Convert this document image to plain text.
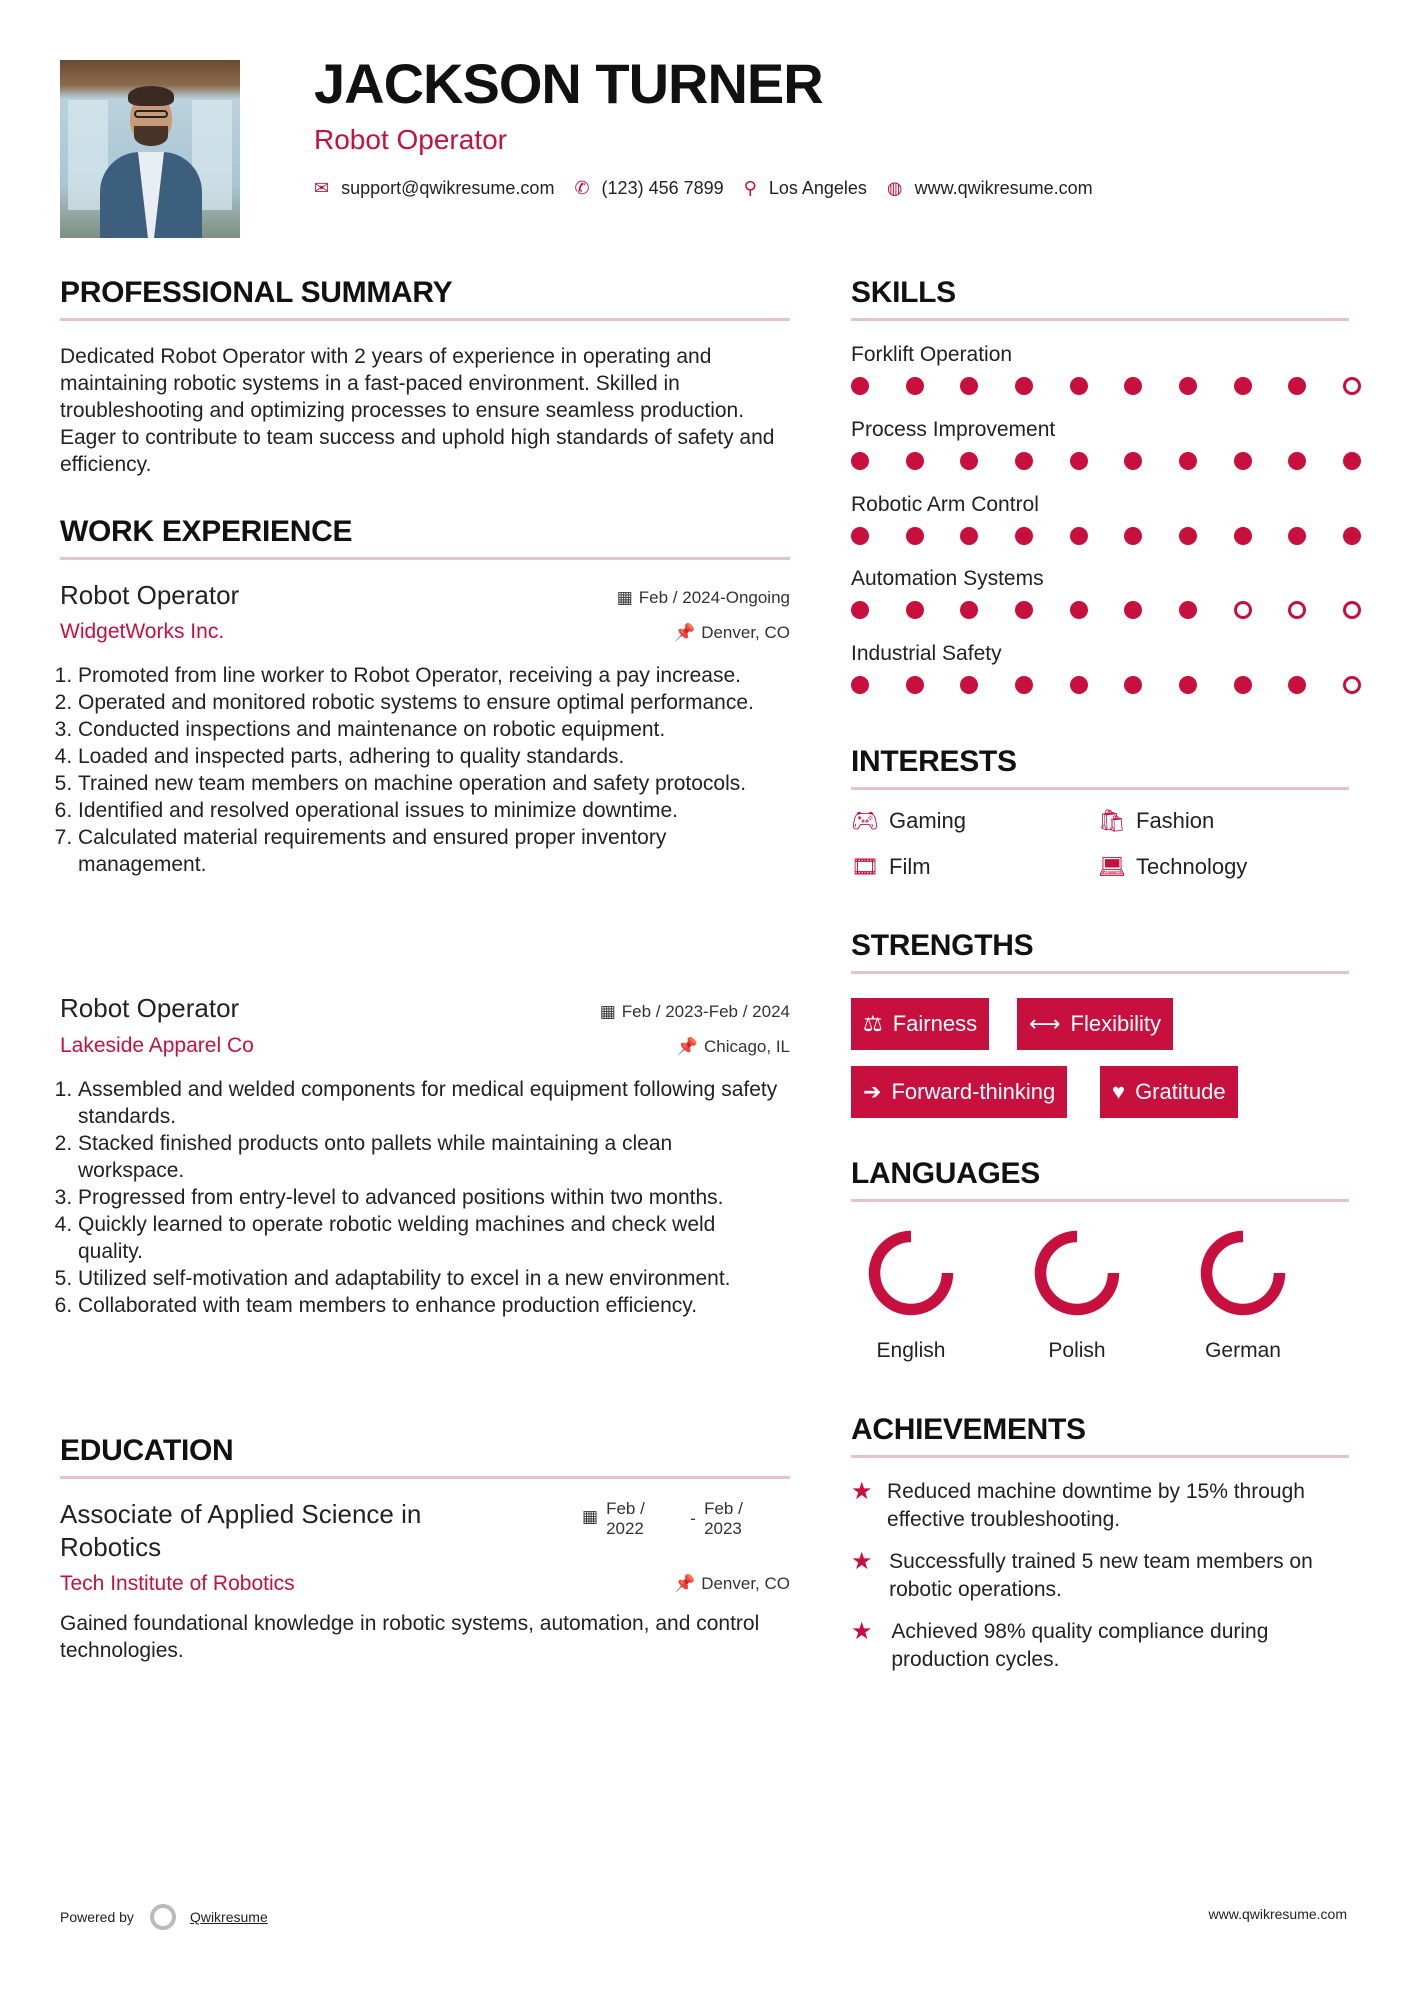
JACKSON TURNER
Robot Operator
✉ support@qwikresume.com ✆ (123) 456 7899 ⚲ Los Angeles ◍ www.qwikresume.com
PROFESSIONAL SUMMARY
Dedicated Robot Operator with 2 years of experience in operating and maintaining robotic systems in a fast-paced environment. Skilled in troubleshooting and optimizing processes to ensure seamless production. Eager to contribute to team success and uphold high standards of safety and efficiency.
WORK EXPERIENCE
Robot Operator	▦ Feb / 2024-Ongoing
WidgetWorks Inc.	📌 Denver, CO
1. Promoted from line worker to Robot Operator, receiving a pay increase.
2. Operated and monitored robotic systems to ensure optimal performance.
3. Conducted inspections and maintenance on robotic equipment.
4. Loaded and inspected parts, adhering to quality standards.
5. Trained new team members on machine operation and safety protocols.
6. Identified and resolved operational issues to minimize downtime.
7. Calculated material requirements and ensured proper inventory management.
Robot Operator	▦ Feb / 2023-Feb / 2024
Lakeside Apparel Co	📌 Chicago, IL
1. Assembled and welded components for medical equipment following safety standards.
2. Stacked finished products onto pallets while maintaining a clean workspace.
3. Progressed from entry-level to advanced positions within two months.
4. Quickly learned to operate robotic welding machines and check weld quality.
5. Utilized self-motivation and adaptability to excel in a new environment.
6. Collaborated with team members to enhance production efficiency.
EDUCATION
Associate of Applied Science in Robotics
▦ Feb / 2022
-
Feb / 2023
Tech Institute of Robotics	📌 Denver, CO
Gained foundational knowledge in robotic systems, automation, and control technologies.
SKILLS
Forklift Operation
Process Improvement
Robotic Arm Control
Automation Systems
Industrial Safety
INTERESTS
🎮︎ Gaming	🛍︎ Fashion
🎞︎ Film	💻︎ Technology
STRENGTHS
⚖ Fairness ⟷ Flexibility
➔ Forward-thinking	♥ Gratitude
LANGUAGES
English	Polish	German
ACHIEVEMENTS
★ Reduced machine downtime by 15% through effective troubleshooting.
★ Successfully trained 5 new team members on robotic operations.
★ Achieved 98% quality compliance during production cycles.
Powered by	Qwikresume	www.qwikresume.com
